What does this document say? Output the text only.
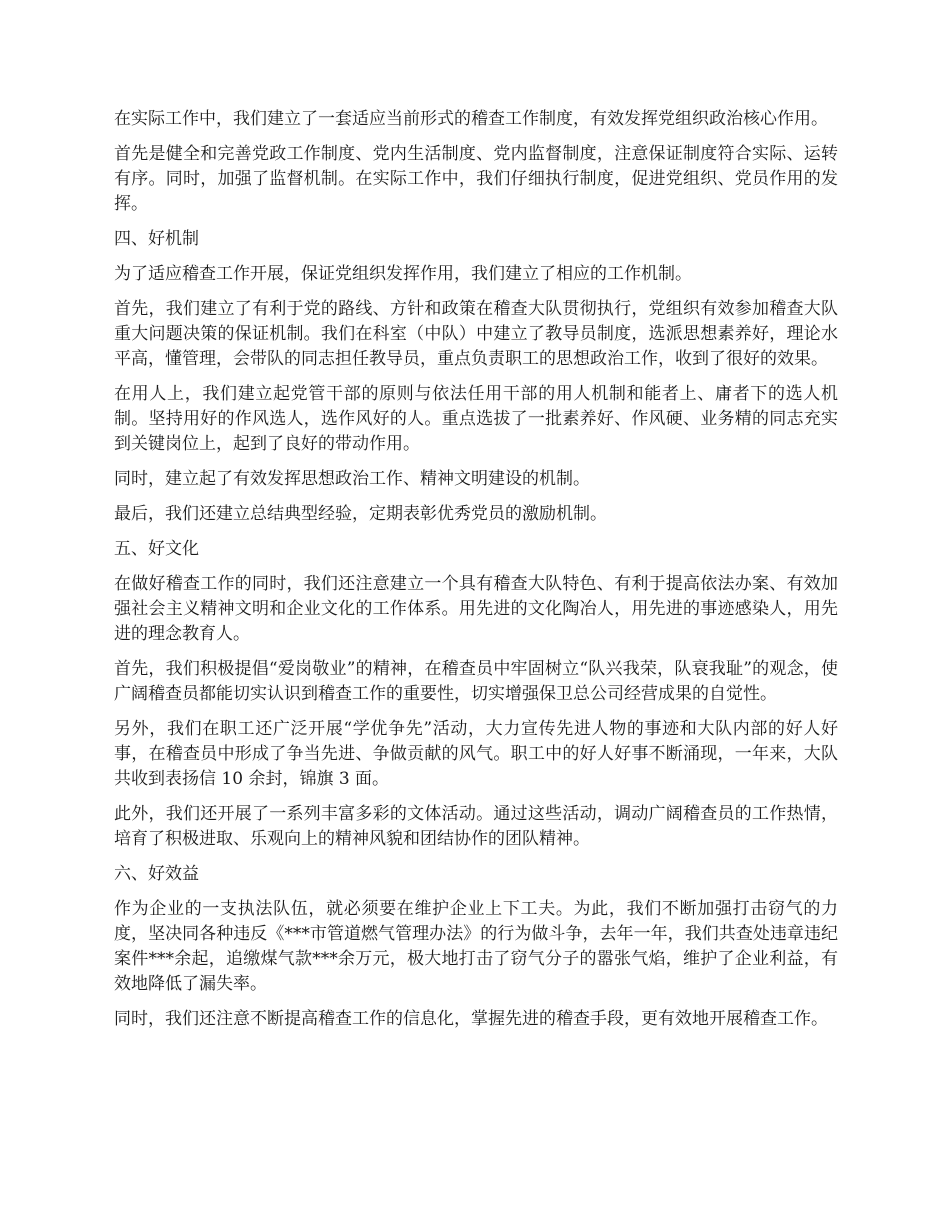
在实际工作中，我们建立了一套适应当前形式的稽查工作制度，有效发挥党组织政治核心作用。

首先是健全和完善党政工作制度、党内生活制度、党内监督制度，注意保证制度符合实际、运转有序。同时，加强了监督机制。在实际工作中，我们仔细执行制度，促进党组织、党员作用的发挥。

四、好机制

为了适应稽查工作开展，保证党组织发挥作用，我们建立了相应的工作机制。

首先，我们建立了有利于党的路线、方针和政策在稽查大队贯彻执行，党组织有效参加稽查大队重大问题决策的保证机制。我们在科室（中队）中建立了教导员制度，选派思想素养好，理论水平高，懂管理，会带队的同志担任教导员，重点负责职工的思想政治工作，收到了很好的效果。

在用人上，我们建立起党管干部的原则与依法任用干部的用人机制和能者上、庸者下的选人机制。坚持用好的作风选人，选作风好的人。重点选拔了一批素养好、作风硬、业务精的同志充实到关键岗位上，起到了良好的带动作用。

同时，建立起了有效发挥思想政治工作、精神文明建设的机制。

最后，我们还建立总结典型经验，定期表彰优秀党员的激励机制。

五、好文化

在做好稽查工作的同时，我们还注意建立一个具有稽查大队特色、有利于提高依法办案、有效加强社会主义精神文明和企业文化的工作体系。用先进的文化陶冶人，用先进的事迹感染人，用先进的理念教育人。

首先，我们积极提倡“爱岗敬业”的精神，在稽查员中牢固树立“队兴我荣，队衰我耻”的观念，使广阔稽查员都能切实认识到稽查工作的重要性，切实增强保卫总公司经营成果的自觉性。

另外，我们在职工还广泛开展“学优争先”活动，大力宣传先进人物的事迹和大队内部的好人好事，在稽查员中形成了争当先进、争做贡献的风气。职工中的好人好事不断涌现，一年来，大队共收到表扬信 10 余封，锦旗 3 面。

此外，我们还开展了一系列丰富多彩的文体活动。通过这些活动，调动广阔稽查员的工作热情，培育了积极进取、乐观向上的精神风貌和团结协作的团队精神。

六、好效益

作为企业的一支执法队伍，就必须要在维护企业上下工夫。为此，我们不断加强打击窃气的力度，坚决同各种违反《***市管道燃气管理办法》的行为做斗争，去年一年，我们共查处违章违纪案件***余起，追缴煤气款***余万元，极大地打击了窃气分子的嚣张气焰，维护了企业利益，有效地降低了漏失率。

同时，我们还注意不断提高稽查工作的信息化，掌握先进的稽查手段，更有效地开展稽查工作。
